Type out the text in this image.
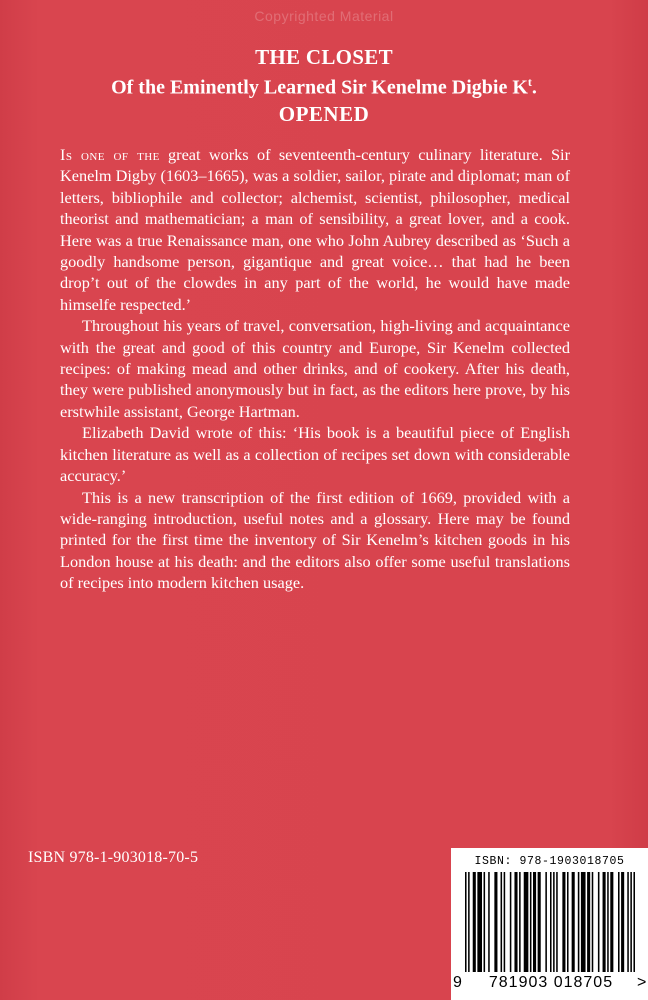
Copyrighted Material
THE CLOSET
Of the Eminently Learned Sir Kenelme Digbie $K^t$.
OPENED

Is one of the great works of seventeenth-century culinary literature. Sir Kenelm Digby (1603–1665), was a soldier, sailor, pirate and diplomat; man of letters, bibliophile and collector; alchemist, scientist, philosopher, medical theorist and mathematician; a man of sensibility, a great lover, and a cook. Here was a true Renaissance man, one who John Aubrey described as ‘Such a goodly handsome person, gigantique and great voice… that had he been drop’t out of the clowdes in any part of the world, he would have made himselfe respected.’

Throughout his years of travel, conversation, high-living and acquaintance with the great and good of this country and Europe, Sir Kenelm collected recipes: of making mead and other drinks, and of cookery. After his death, they were published anonymously but in fact, as the editors here prove, by his erstwhile assistant, George Hartman.

Elizabeth David wrote of this: ‘His book is a beautiful piece of English kitchen literature as well as a collection of recipes set down with considerable accuracy.’

This is a new transcription of the first edition of 1669, provided with a wide-ranging introduction, useful notes and a glossary. Here may be found printed for the first time the inventory of Sir Kenelm’s kitchen goods in his London house at his death: and the editors also offer some useful translations of recipes into modern kitchen usage.

ISBN 978-1-903018-70-5	ISBN: 978-1903018705
9	781903 018705	>
